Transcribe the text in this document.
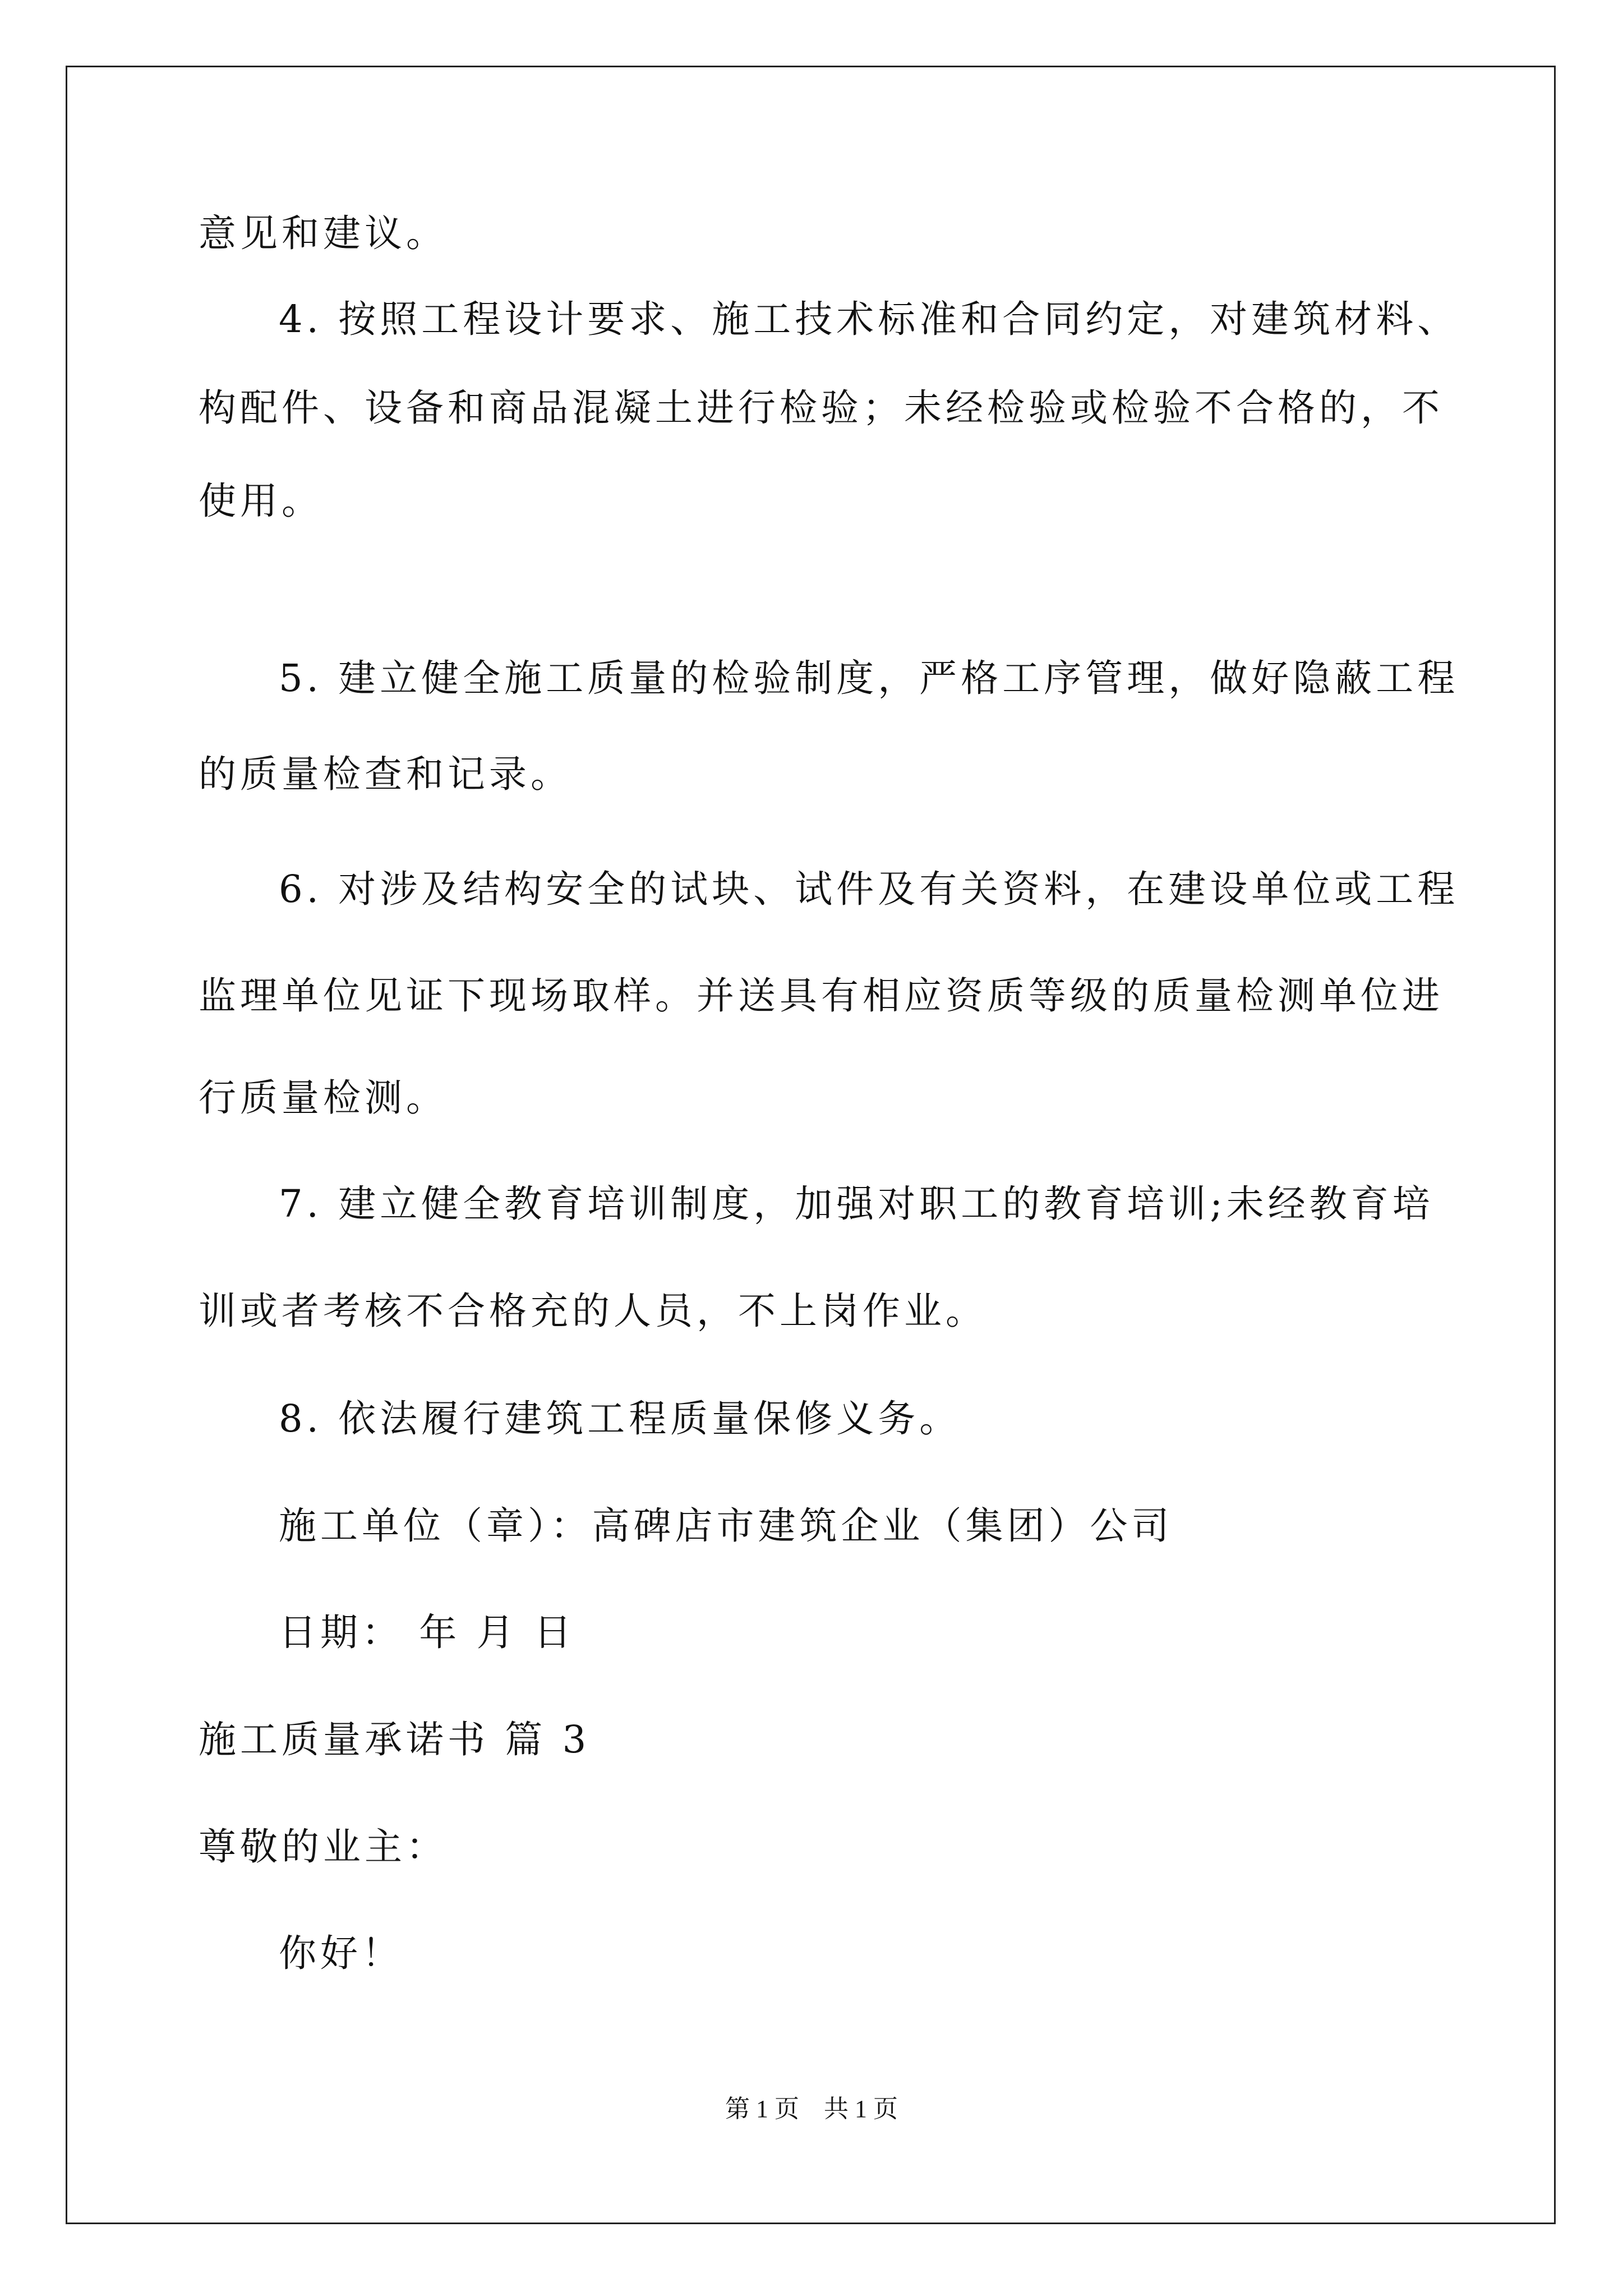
意见和建议。
4. 按照工程设计要求、施工技术标准和合同约定，对建筑材料、
构配件、设备和商品混凝土进行检验；未经检验或检验不合格的，不
使用。
5. 建立健全施工质量的检验制度，严格工序管理，做好隐蔽工程
的质量检查和记录。
6. 对涉及结构安全的试块、试件及有关资料，在建设单位或工程
监理单位见证下现场取样。并送具有相应资质等级的质量检测单位进
行质量检测。
7. 建立健全教育培训制度，加强对职工的教育培训;未经教育培
训或者考核不合格充的人员，不上岗作业。
8. 依法履行建筑工程质量保修义务。
施工单位（章）：高碑店市建筑企业（集团）公司
日期： 年 月 日
施工质量承诺书 篇 3
尊敬的业主：
你好！
第 1 页    共 1 页
